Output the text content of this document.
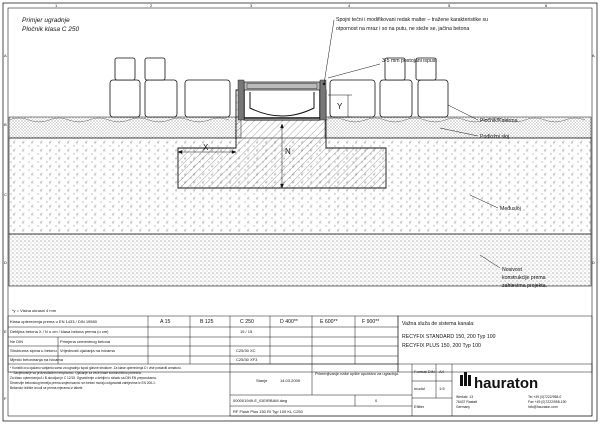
A
B
C
D
E
F
A
D
1	2	3	4	5	6
X	N
Y
Primjer ugradnje
Pločnik klasa C 250
Spojni tečni i modifikovani redak malter – tražene karakteristike su
otpornost na mraz i so na putu, ne steže se, jačina betona
3-5 mm postojani ispust
Pločnik/Kaldrma
Podložni sloj
Međusloj
Nosivost
konstrukcije prema
zahtevima projekta.
*y = Visina ukrasni 4 mm
Klasa opterećenja prema u EN 1433 / DIN 19580	A 15	B 125	C 250	D 400**	E 600**	F 900**
Debljina betona X / N u cm / klasa betona prema (u cm)	15 / 15
Ne DIN	Primjena cementnog betona
Strukturna sipina u betonu Vrijednosti ojačanja na ivicama	C25/30 XC
Mjesto betoniranja na ivicama	C25/30 XF3
* Koristiti ovu ojačanu varijantu samo za ugradnju ispod glavne strukture. Za klase opterećenja D i više postaviti armaturu.
** Savjetovanje sa proizvođačem neophodno. Ojačanje za veće klase konstruktivno potrebno.
Za klasu opterećenja A i B dovoljan je C 12/15. Ograničenje u debljini u skladu sa DIN EN preporukama.
Dimenzije betonskog temelja prema smjernicama: svi betoni moraju odgovarati zahtjevima iz EN 206-1.
Betonsko ležište izvodi se prema mjerama iz tabele.
Važna služa de sistema kanala:
RECYFIX STANDARD 150, 200 Typ 100
RECYFIX PLUS 150, 200 Typ 100
Stanje	14.03.2005
Primenjivanje naše opšte uputstvo za ugradnju.
000001949-E_IDEIRBAM.dwg	0
RF Flush Plus 150 RI Typ 100 KL C250
Format DIN A4
modul	1:5
Efilter
hauraton
Werkstr. 13
76437 Rastatt
Germany
Tel +49 (0)7222/958-0
Fax +49 (0)7222/958-190
info@hauraton.com
